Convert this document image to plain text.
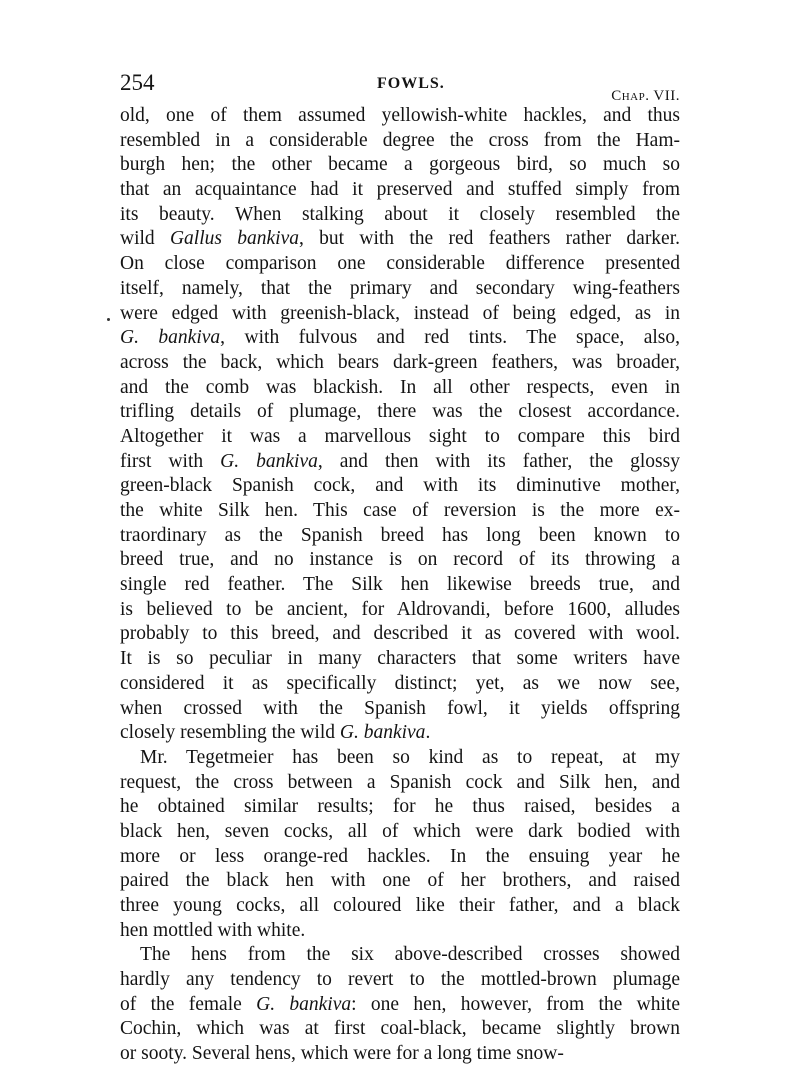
254	FOWLS.
Chap. VII.
old, one of them assumed yellowish-white hackles, and thus
resembled in a considerable degree the cross from the Ham-
burgh hen; the other became a gorgeous bird, so much so
that an acquaintance had it preserved and stuffed simply from
its beauty. When stalking about it closely resembled the
wild Gallus bankiva, but with the red feathers rather darker.
On close comparison one considerable difference presented
itself, namely, that the primary and secondary wing-feathers
were edged with greenish-black, instead of being edged, as in
G. bankiva, with fulvous and red tints. The space, also,
across the back, which bears dark-green feathers, was broader,
and the comb was blackish. In all other respects, even in
trifling details of plumage, there was the closest accordance.
Altogether it was a marvellous sight to compare this bird
first with G. bankiva, and then with its father, the glossy
green-black Spanish cock, and with its diminutive mother,
the white Silk hen. This case of reversion is the more ex-
traordinary as the Spanish breed has long been known to
breed true, and no instance is on record of its throwing a
single red feather. The Silk hen likewise breeds true, and
is believed to be ancient, for Aldrovandi, before 1600, alludes
probably to this breed, and described it as covered with wool.
It is so peculiar in many characters that some writers have
considered it as specifically distinct; yet, as we now see,
when crossed with the Spanish fowl, it yields offspring
closely resembling the wild G. bankiva.
Mr. Tegetmeier has been so kind as to repeat, at my
request, the cross between a Spanish cock and Silk hen, and
he obtained similar results; for he thus raised, besides a
black hen, seven cocks, all of which were dark bodied with
more or less orange-red hackles. In the ensuing year he
paired the black hen with one of her brothers, and raised
three young cocks, all coloured like their father, and a black
hen mottled with white.
The hens from the six above-described crosses showed
hardly any tendency to revert to the mottled-brown plumage
of the female G. bankiva: one hen, however, from the white
Cochin, which was at first coal-black, became slightly brown
or sooty. Several hens, which were for a long time snow-
